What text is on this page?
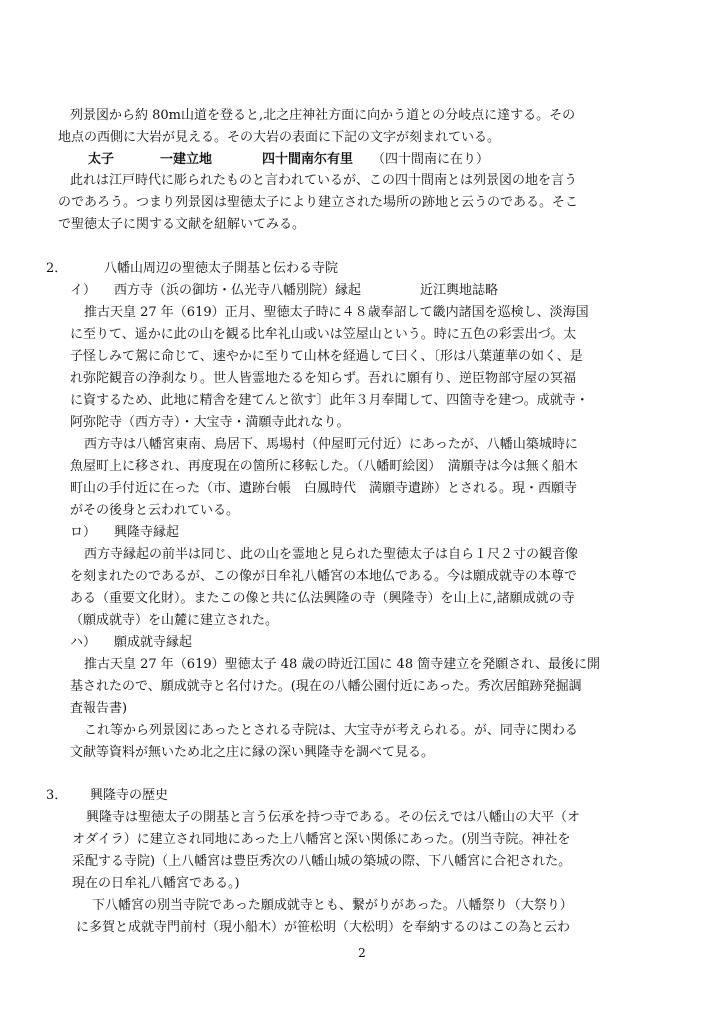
列景図から約 80m山道を登ると,北之庄神社方面に向かう道との分岐点に達する。その
地点の西側に大岩が見える。その大岩の表面に下記の文字が刻まれている。
太子	一建立地	四十間南尓有里 （四十間南に在り）
此れは江戸時代に彫られたものと言われているが、この四十間南とは列景図の地を言う
のであろう。つまり列景図は聖徳太子により建立された場所の跡地と云うのである。そこ
で聖徳太子に関する文献を紐解いてみる。
2．	八幡山周辺の聖徳太子開基と伝わる寺院
イ） 西方寺（浜の御坊・仏光寺八幡別院）縁起	近江輿地誌略
推古天皇 27 年（619）正月、聖徳太子時に４８歳奉詔して畿内諸国を巡検し、淡海国
に至りて、遥かに此の山を観る比牟礼山或いは笠屋山という。時に五色の彩雲出づ。太
子怪しみて駕に命じて、速やかに至りて山林を経過して曰く、〔形は八葉蓮華の如く、是
れ弥陀観音の浄刹なり。世人皆霊地たるを知らず。吾れに願有り、逆臣物部守屋の冥福
に資するため、此地に精舎を建てんと欲す〕此年３月奉聞して、四箇寺を建つ。成就寺・
阿弥陀寺（西方寺）・大宝寺・満願寺此れなり。
西方寺は八幡宮東南、鳥居下、馬場村（仲屋町元付近）にあったが、八幡山築城時に
魚屋町上に移され、再度現在の箇所に移転した。（八幡町絵図）　満願寺は今は無く船木
町山の手付近に在った（市、遺跡台帳　白鳳時代　満願寺遺跡）とされる。現・西願寺
がその後身と云われている。
ロ） 興隆寺縁起
西方寺縁起の前半は同じ、此の山を霊地と見られた聖徳太子は自ら１尺２寸の観音像
を刻まれたのであるが、この像が日牟礼八幡宮の本地仏である。今は願成就寺の本尊で
ある（重要文化財）。またこの像と共に仏法興隆の寺（興隆寺）を山上に,諸願成就の寺
（願成就寺）を山麓に建立された。
ハ） 願成就寺縁起
推古天皇 27 年（619）聖徳太子 48 歳の時近江国に 48 箇寺建立を発願され、最後に開
基されたので、願成就寺と名付けた。(現在の八幡公園付近にあった。秀次居館跡発掘調
査報告書)
これ等から列景図にあったとされる寺院は、大宝寺が考えられる。が、同寺に関わる
文献等資料が無いため北之庄に縁の深い興隆寺を調べて見る。
3． 興隆寺の歴史
興隆寺は聖徳太子の開基と言う伝承を持つ寺である。その伝えでは八幡山の大平（オ
オダイラ）に建立され同地にあった上八幡宮と深い関係にあった。(別当寺院。神社を
采配する寺院)（上八幡宮は豊臣秀次の八幡山城の築城の際、下八幡宮に合祀された。
現在の日牟礼八幡宮である。)
下八幡宮の別当寺院であった願成就寺とも、繋がりがあった。八幡祭り（大祭り）
に多賀と成就寺門前村（現小船木）が笹松明（大松明）を奉納するのはこの為と云わ
2
